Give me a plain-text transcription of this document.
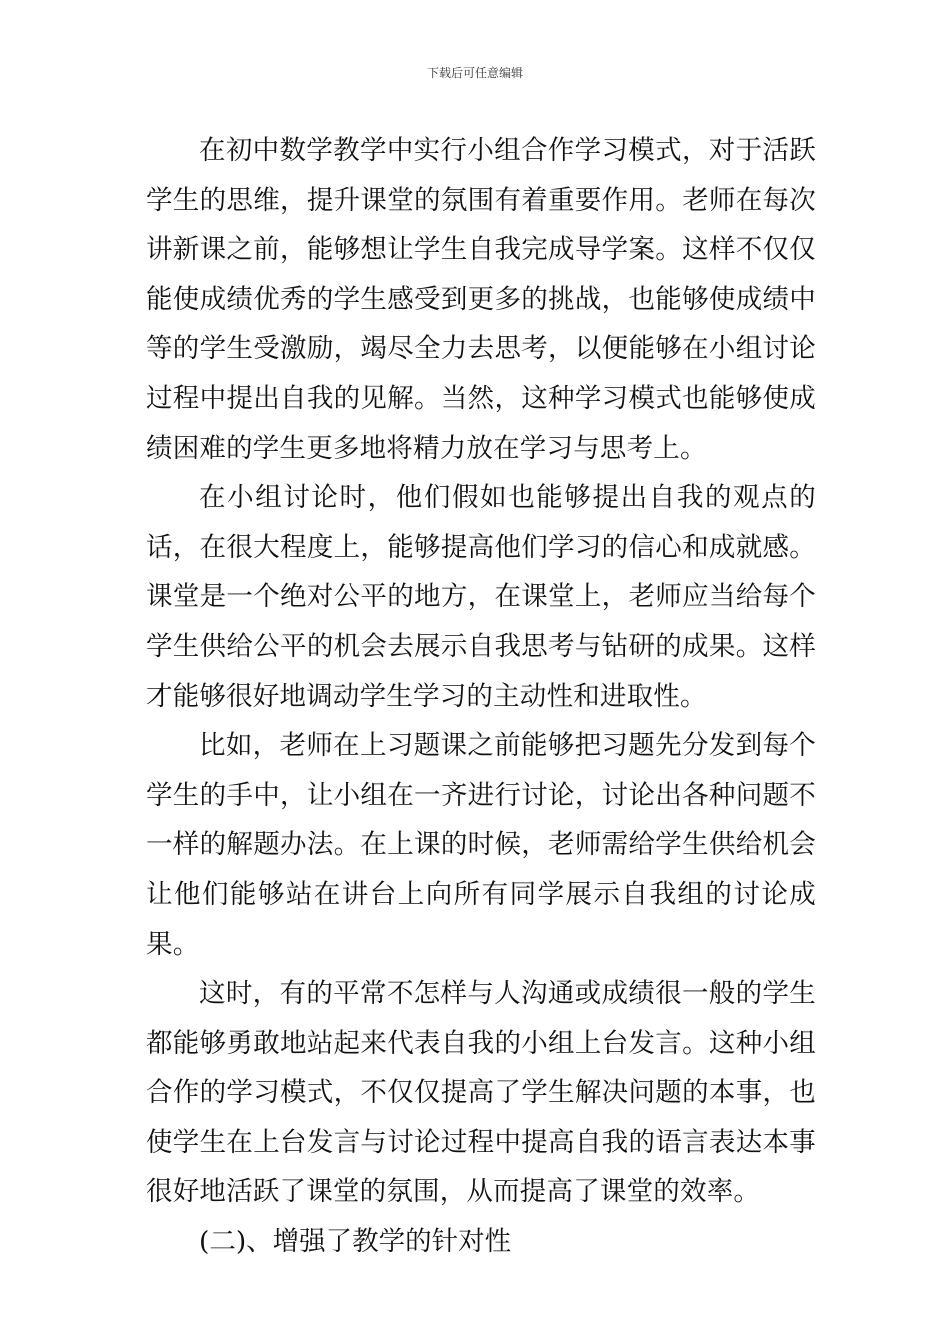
下载后可任意编辑

在初中数学教学中实行小组合作学习模式，对于活跃学生的思维，提升课堂的氛围有着重要作用。老师在每次讲新课之前，能够想让学生自我完成导学案。这样不仅仅能使成绩优秀的学生感受到更多的挑战，也能够使成绩中等的学生受激励，竭尽全力去思考，以便能够在小组讨论过程中提出自我的见解。当然，这种学习模式也能够使成绩困难的学生更多地将精力放在学习与思考上。

在小组讨论时，他们假如也能够提出自我的观点的话，在很大程度上，能够提高他们学习的信心和成就感。课堂是一个绝对公平的地方，在课堂上，老师应当给每个学生供给公平的机会去展示自我思考与钻研的成果。这样才能够很好地调动学生学习的主动性和进取性。

比如，老师在上习题课之前能够把习题先分发到每个学生的手中，让小组在一齐进行讨论，讨论出各种问题不一样的解题办法。在上课的时候，老师需给学生供给机会让他们能够站在讲台上向所有同学展示自我组的讨论成果。

这时，有的平常不怎样与人沟通或成绩很一般的学生都能够勇敢地站起来代表自我的小组上台发言。这种小组合作的学习模式，不仅仅提高了学生解决问题的本事，也使学生在上台发言与讨论过程中提高自我的语言表达本事很好地活跃了课堂的氛围，从而提高了课堂的效率。

(二)、增强了教学的针对性
